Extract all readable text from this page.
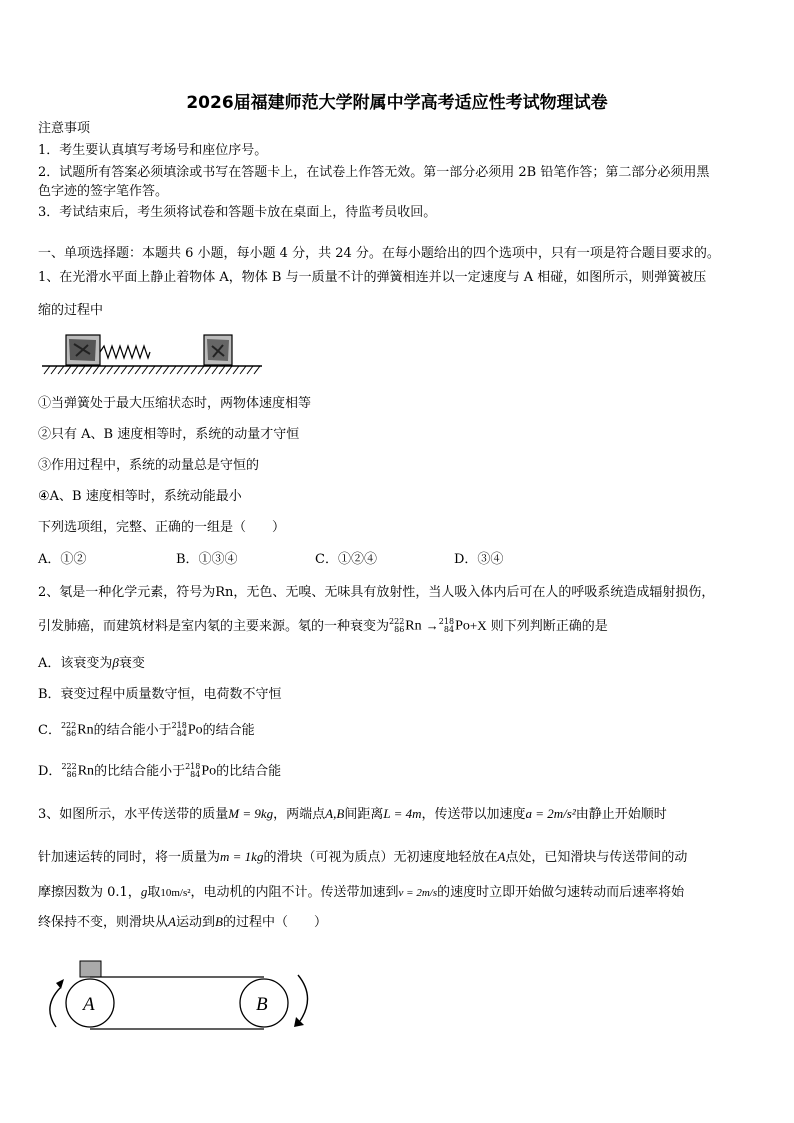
2026届福建师范大学附属中学高考适应性考试物理试卷
注意事项
1．考生要认真填写考场号和座位序号。
2．试题所有答案必须填涂或书写在答题卡上，在试卷上作答无效。第一部分必须用 2B 铅笔作答；第二部分必须用黑
色字迹的签字笔作答。
3．考试结束后，考生须将试卷和答题卡放在桌面上，待监考员收回。
一、单项选择题：本题共 6 小题，每小题 4 分，共 24 分。在每小题给出的四个选项中，只有一项是符合题目要求的。
1、在光滑水平面上静止着物体 A，物体 B 与一质量不计的弹簧相连并以一定速度与 A 相碰，如图所示，则弹簧被压
缩的过程中
①当弹簧处于最大压缩状态时，两物体速度相等
②只有 A、B 速度相等时，系统的动量才守恒
③作用过程中，系统的动量总是守恒的
④A、B 速度相等时，系统动能最小
下列选项组，完整、正确的一组是（　　）
A．①②	B．①③④	C．①②④	D．③④
2、氡是一种化学元素，符号为Rn，无色、无嗅、无味具有放射性，当人吸入体内后可在人的呼吸系统造成辐射损伤，
引发肺癌，而建筑材料是室内氡的主要来源。氡的一种衰变为222
86Rn →218
84Po+X 则下列判断正确的是
A．该衰变为β衰变
B．衰变过程中质量数守恒，电荷数不守恒
C．222
86Rn的结合能小于218
84Po的结合能
D．222
86Rn的比结合能小于218
84Po的比结合能
3、如图所示，水平传送带的质量M = 9kg，两端点A,B间距离L = 4m，传送带以加速度a = 2m/s²由静止开始顺时
针加速运转的同时，将一质量为m = 1kg的滑块（可视为质点）无初速度地轻放在A点处，已知滑块与传送带间的动
摩擦因数为 0.1，g取10m/s²，电动机的内阻不计。传送带加速到v = 2m/s的速度时立即开始做匀速转动而后速率将始
终保持不变，则滑块从A运动到B的过程中（　　）
A	B
